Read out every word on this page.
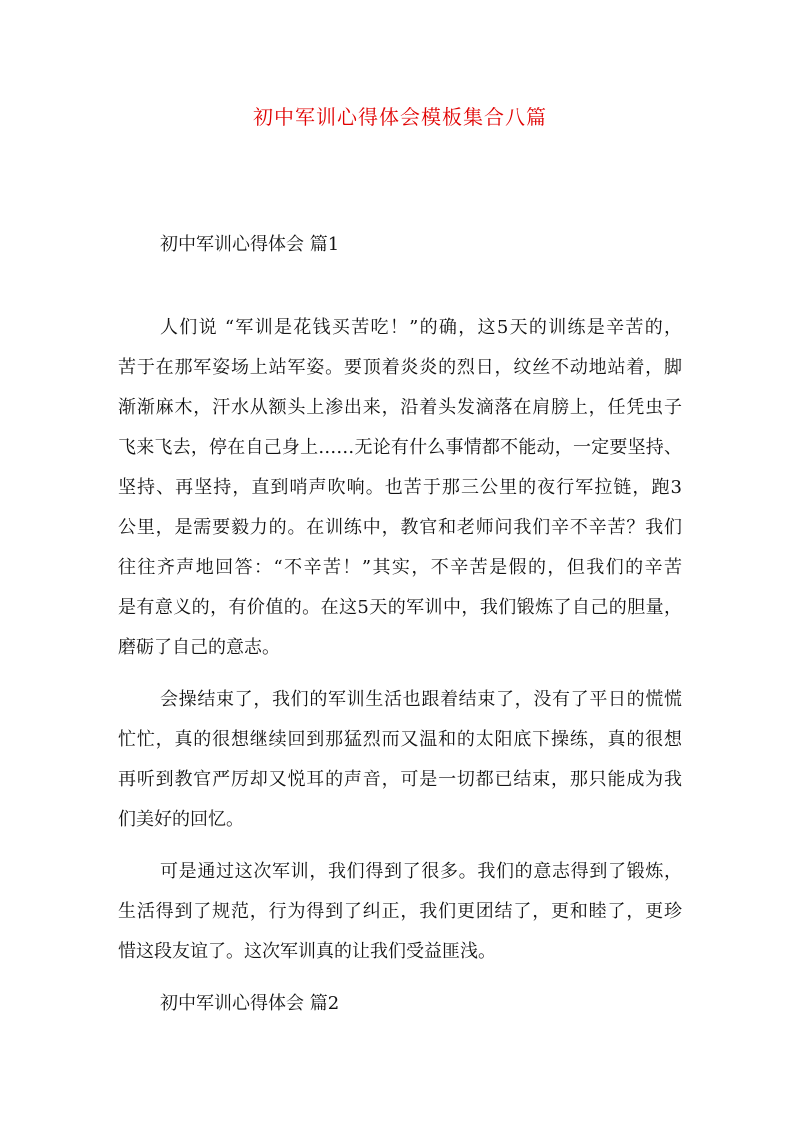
初中军训心得体会模板集合八篇
初中军训心得体会 篇1
人们说 “军训是花钱买苦吃！”的确，这5天的训练是辛苦的，
苦于在那军姿场上站军姿。要顶着炎炎的烈日，纹丝不动地站着，脚
渐渐麻木，汗水从额头上渗出来，沿着头发滴落在肩膀上，任凭虫子
飞来飞去，停在自己身上……无论有什么事情都不能动，一定要坚持、
坚持、再坚持，直到哨声吹响。也苦于那三公里的夜行军拉链，跑3
公里，是需要毅力的。在训练中，教官和老师问我们辛不辛苦？我们
往往齐声地回答：“不辛苦！”其实，不辛苦是假的，但我们的辛苦
是有意义的，有价值的。在这5天的军训中，我们锻炼了自己的胆量，
磨砺了自己的意志。
会操结束了，我们的军训生活也跟着结束了，没有了平日的慌慌
忙忙，真的很想继续回到那猛烈而又温和的太阳底下操练，真的很想
再听到教官严厉却又悦耳的声音，可是一切都已结束，那只能成为我
们美好的回忆。
可是通过这次军训，我们得到了很多。我们的意志得到了锻炼，
生活得到了规范，行为得到了纠正，我们更团结了，更和睦了，更珍
惜这段友谊了。这次军训真的让我们受益匪浅。
初中军训心得体会 篇2
